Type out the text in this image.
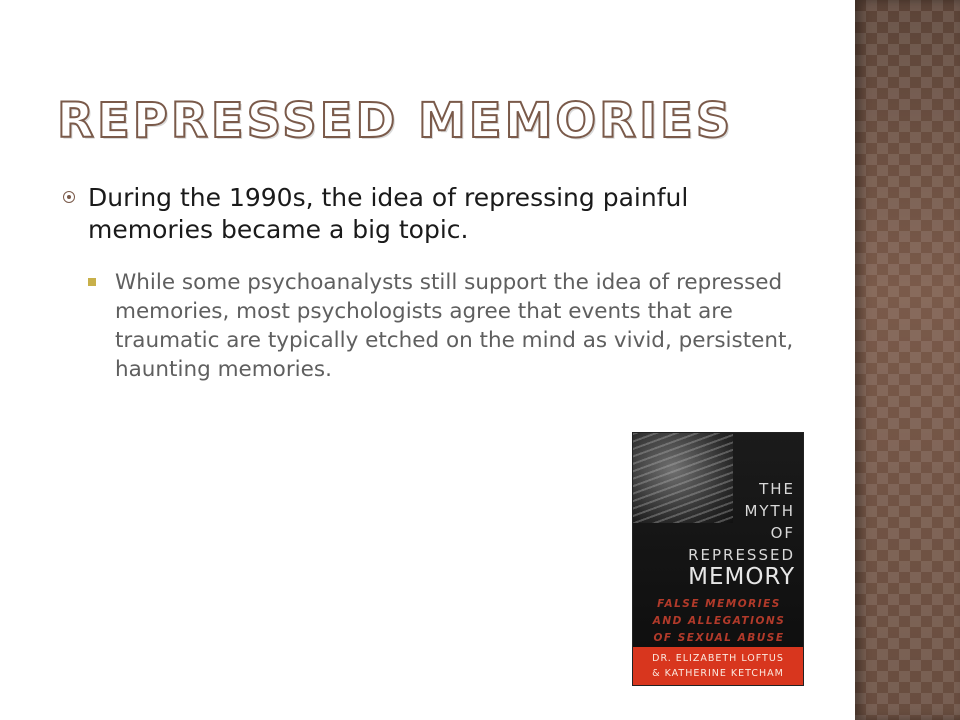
REPRESSED MEMORIES
During the 1990s, the idea of repressing painful memories became a big topic.
While some psychoanalysts still support the idea of repressed memories, most psychologists agree that events that are traumatic are typically etched on the mind as vivid, persistent, haunting memories.
THE
MYTH
OF
REPRESSED
MEMORY
FALSE MEMORIES
AND ALLEGATIONS
OF SEXUAL ABUSE
DR. ELIZABETH LOFTUS
& KATHERINE KETCHAM
